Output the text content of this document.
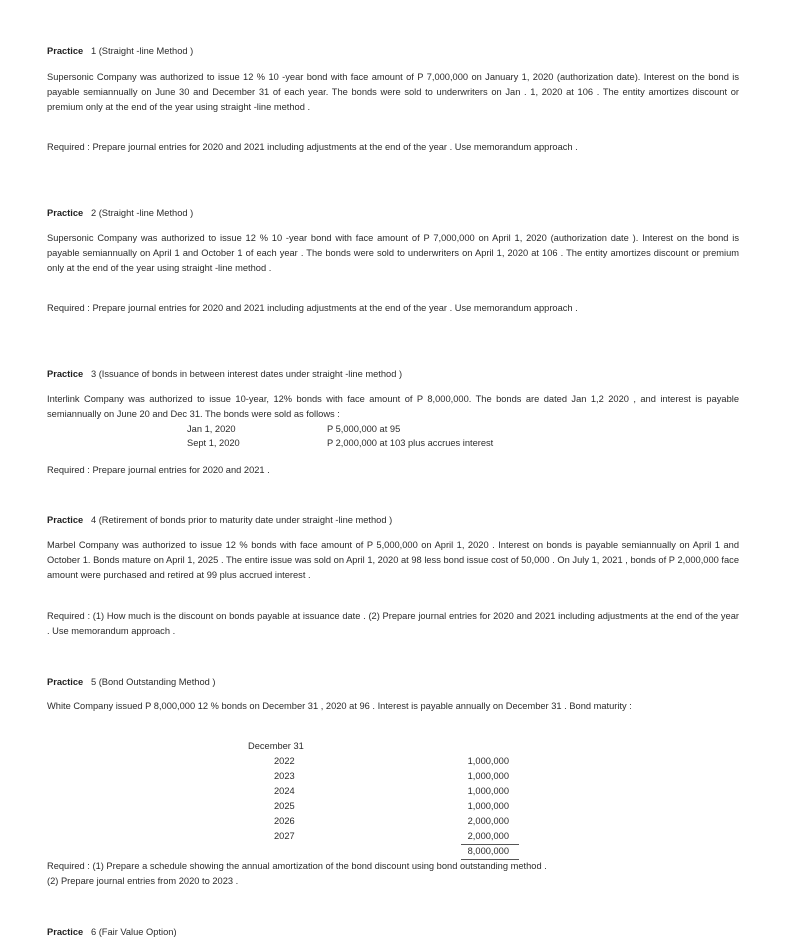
Practice 1 (Straight -line Method )

Supersonic Company was authorized to issue 12 % 10 -year bond with face amount of P 7,000,000 on January 1, 2020 (authorization date). Interest on the bond is payable semiannually on June 30 and December 31 of each year. The bonds were sold to underwriters on Jan . 1, 2020 at 106 . The entity amortizes discount or premium only at the end of the year using straight -line method .

Required : Prepare journal entries for 2020 and 2021 including adjustments at the end of the year . Use memorandum approach .

Practice 2 (Straight -line Method )

Supersonic Company was authorized to issue 12 % 10 -year bond with face amount of P 7,000,000 on April 1, 2020 (authorization date ). Interest on the bond is payable semiannually on April 1 and October 1 of each year . The bonds were sold to underwriters on April 1, 2020 at 106 . The entity amortizes discount or premium only at the end of the year using straight -line method .

Required : Prepare journal entries for 2020 and 2021 including adjustments at the end of the year . Use memorandum approach .

Practice 3 (Issuance of bonds in between interest dates under straight -line method )

Interlink Company was authorized to issue 10-year, 12% bonds with face amount of P 8,000,000. The bonds are dated Jan 1,2 2020 , and interest is payable semiannually on June 20 and Dec 31. The bonds were sold as follows :

Jan 1, 2020	P 5,000,000 at 95
Sept 1, 2020	P 2,000,000 at 103 plus accrues interest

Required : Prepare journal entries for 2020 and 2021 .

Practice 4 (Retirement of bonds prior to maturity date under straight -line method )

Marbel Company was authorized to issue 12 % bonds with face amount of P 5,000,000 on April 1, 2020 . Interest on bonds is payable semiannually on April 1 and October 1. Bonds mature on April 1, 2025 . The entire issue was sold on April 1, 2020 at 98 less bond issue cost of 50,000 . On July 1, 2021 , bonds of P 2,000,000 face amount were purchased and retired at 99 plus accrued interest .

Required : (1) How much is the discount on bonds payable at issuance date . (2) Prepare journal entries for 2020 and 2021 including adjustments at the end of the year . Use memorandum approach .

Practice 5 (Bond Outstanding Method )

White Company issued P 8,000,000 12 % bonds on December 31 , 2020 at 96 . Interest is payable annually on December 31 . Bond maturity :

December 31
2022	1,000,000
2023	1,000,000
2024	1,000,000
2025	1,000,000
2026	2,000,000
2027	2,000,000
8,000,000

Required : (1) Prepare a schedule showing the annual amortization of the bond discount using bond outstanding method .

(2) Prepare journal entries from 2020 to 2023 .

Practice 6 (Fair Value Option)
